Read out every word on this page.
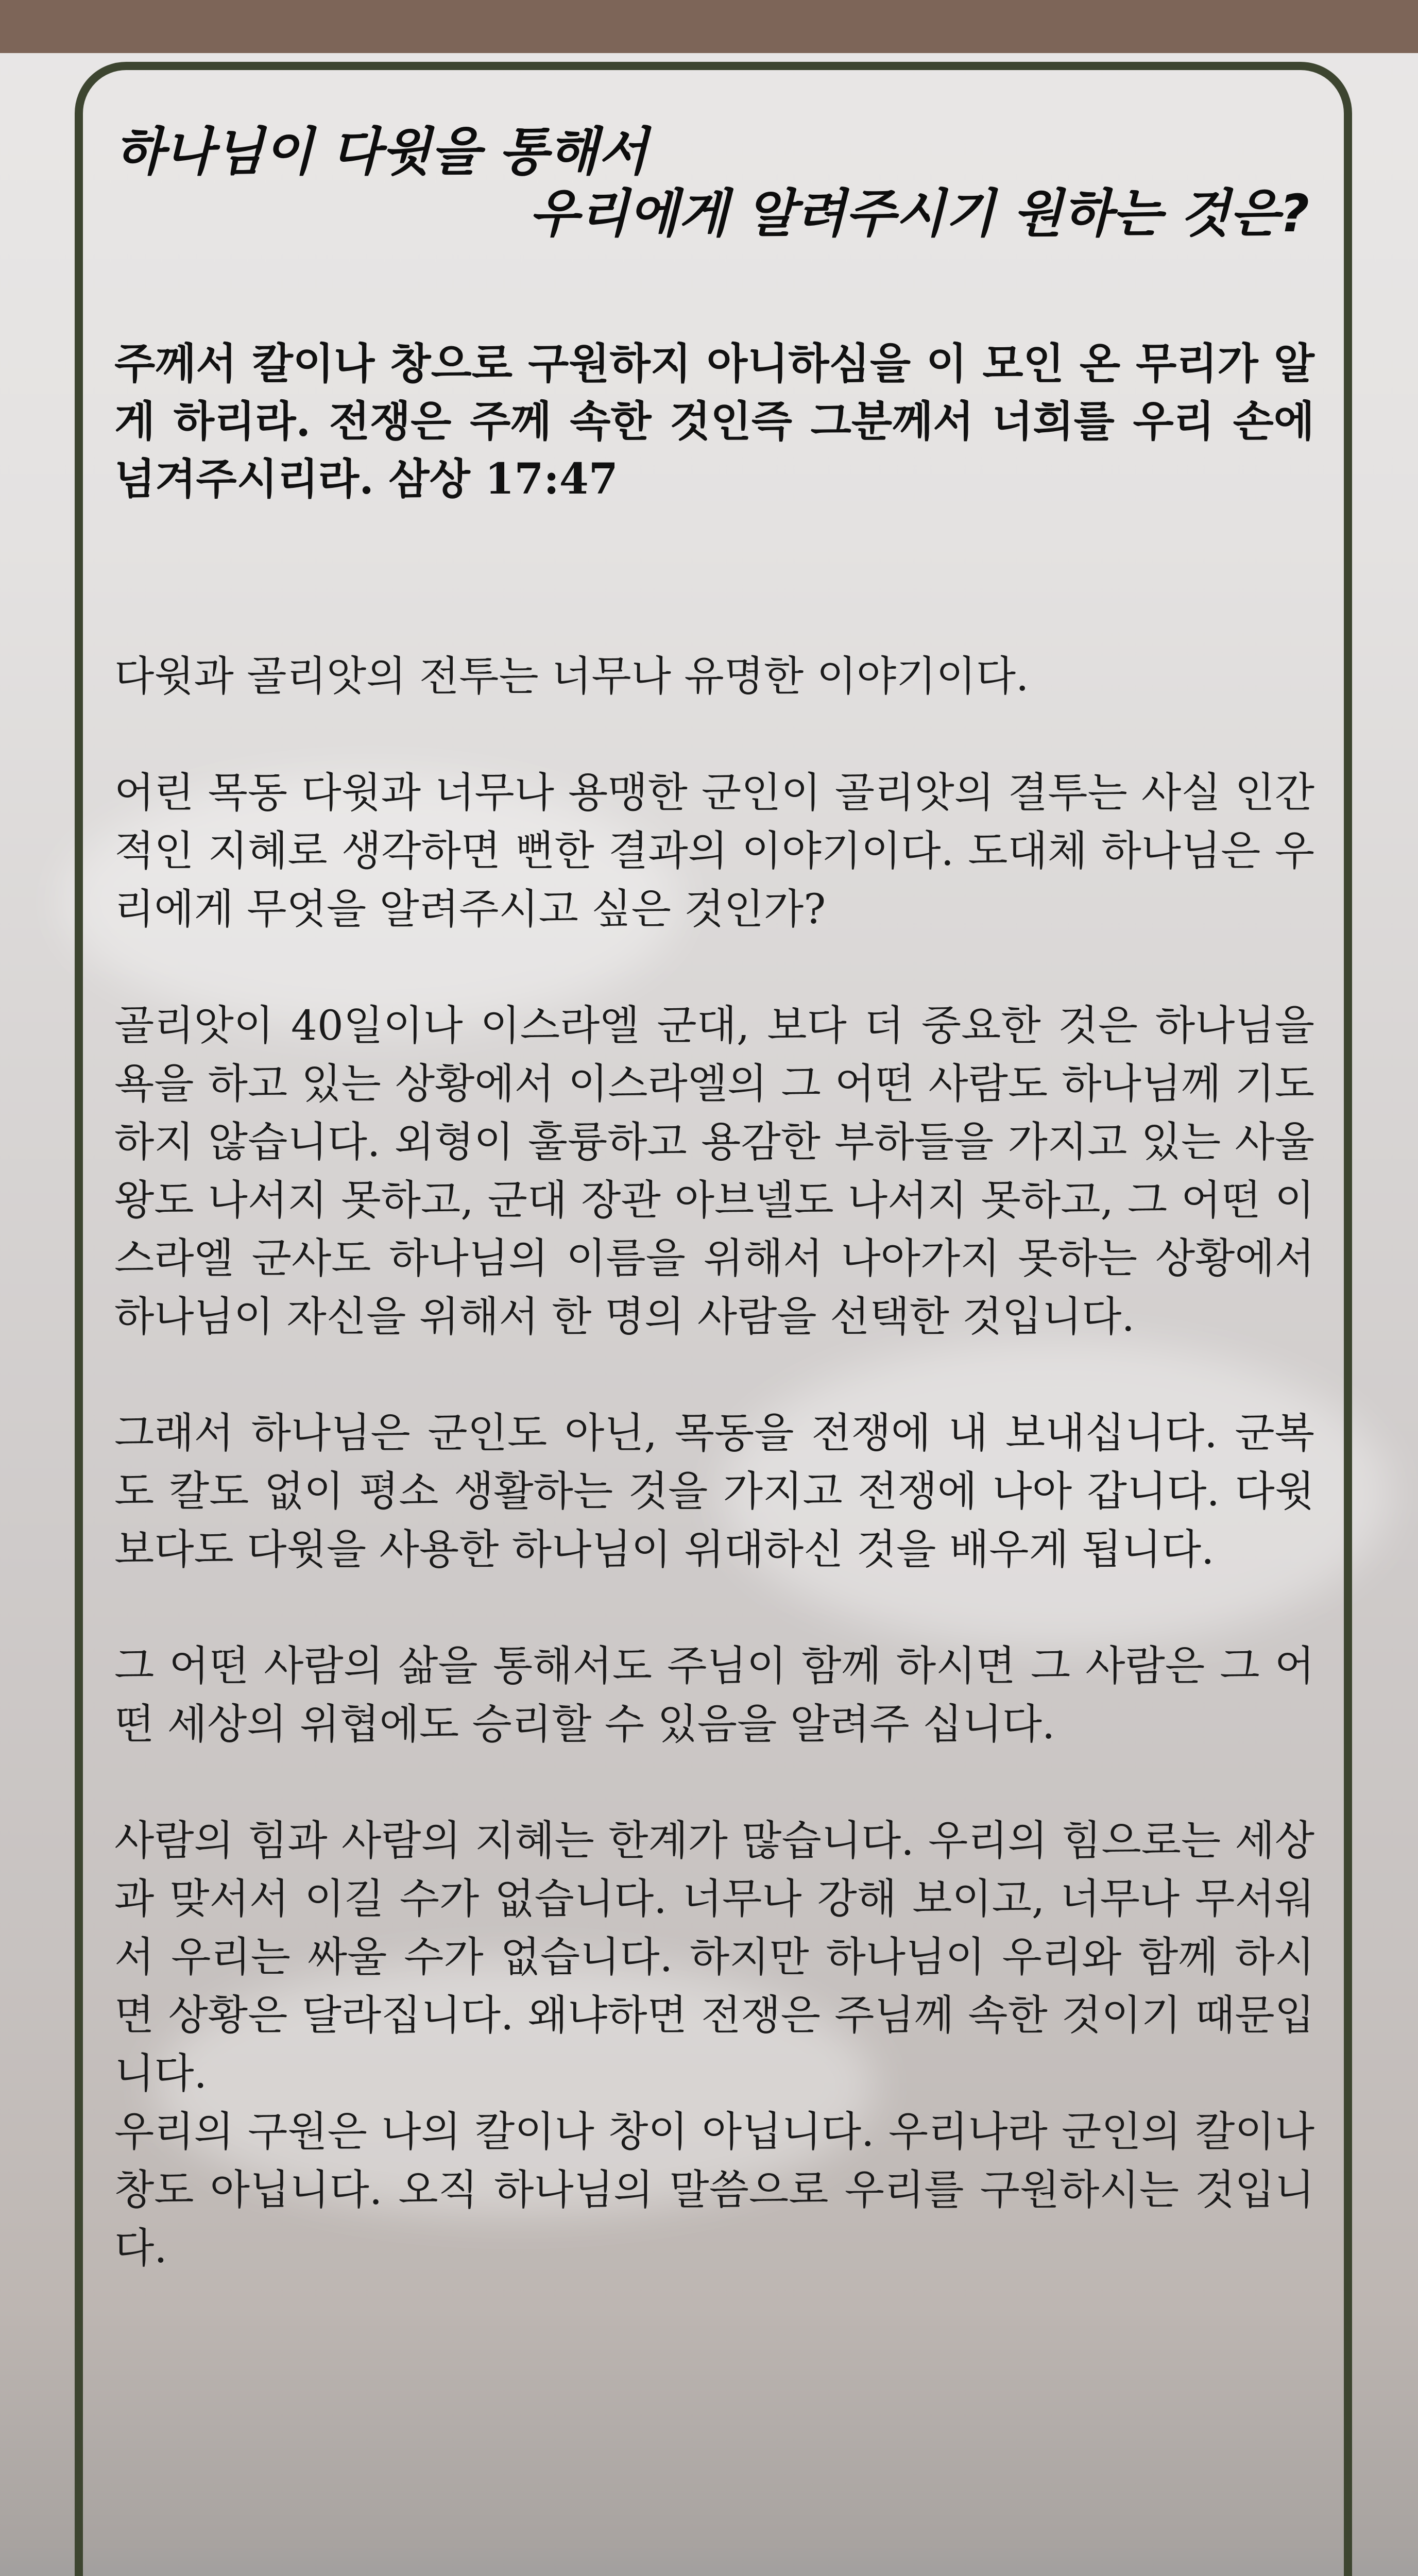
하나님이 다윗을 통해서
우리에게 알려주시기 원하는 것은?
주께서 칼이나 창으로 구원하지 아니하심을 이 모인 온 무리가 알게 하리라. 전쟁은 주께 속한 것인즉 그분께서 너희를 우리 손에 넘겨주시리라. 삼상 17:47

다윗과 골리앗의 전투는 너무나 유명한 이야기이다.

어린 목동 다윗과 너무나 용맹한 군인이 골리앗의 결투는 사실 인간적인 지혜로 생각하면 뻔한 결과의 이야기이다. 도대체 하나님은 우리에게 무엇을 알려주시고 싶은 것인가?

골리앗이 40일이나 이스라엘 군대, 보다 더 중요한 것은 하나님을 욕을 하고 있는 상황에서 이스라엘의 그 어떤 사람도 하나님께 기도하지 않습니다. 외형이 훌륭하고 용감한 부하들을 가지고 있는 사울 왕도 나서지 못하고, 군대 장관 아브넬도 나서지 못하고, 그 어떤 이스라엘 군사도 하나님의 이름을 위해서 나아가지 못하는 상황에서 하나님이 자신을 위해서 한 명의 사람을 선택한 것입니다.

그래서 하나님은 군인도 아닌, 목동을 전쟁에 내 보내십니다. 군복도 칼도 없이 평소 생활하는 것을 가지고 전쟁에 나아 갑니다. 다윗보다도 다윗을 사용한 하나님이 위대하신 것을 배우게 됩니다.

그 어떤 사람의 삶을 통해서도 주님이 함께 하시면 그 사람은 그 어떤 세상의 위협에도 승리할 수 있음을 알려주 십니다.

사람의 힘과 사람의 지혜는 한계가 많습니다. 우리의 힘으로는 세상과 맞서서 이길 수가 없습니다. 너무나 강해 보이고, 너무나 무서워서 우리는 싸울 수가 없습니다. 하지만 하나님이 우리와 함께 하시면 상황은 달라집니다. 왜냐하면 전쟁은 주님께 속한 것이기 때문입니다.

우리의 구원은 나의 칼이나 창이 아닙니다. 우리나라 군인의 칼이나 창도 아닙니다. 오직 하나님의 말씀으로 우리를 구원하시는 것입니다.
